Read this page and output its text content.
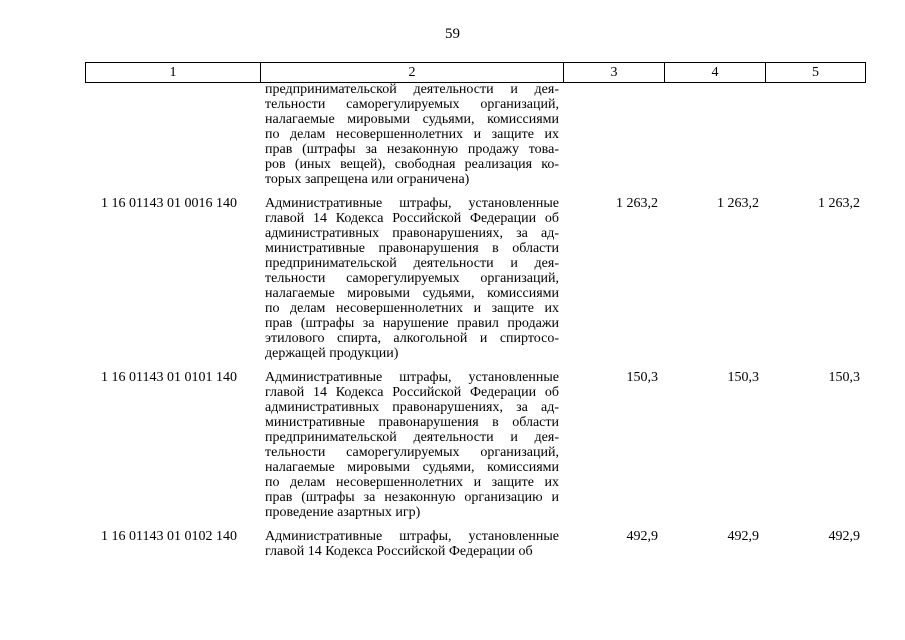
59
1	2	3	4	5
предпринимательской деятельности и дея-
тельности саморегулируемых организаций,
налагаемые мировыми судьями, комиссиями
по делам несовершеннолетних и защите их
прав (штрафы за незаконную продажу това-
ров (иных вещей), свободная реализация ко-
торых запрещена или ограничена)
1 16 01143 01 0016 140 Административные штрафы, установленные
главой 14 Кодекса Российской Федерации об
административных правонарушениях, за ад-
министративные правонарушения в области
предпринимательской деятельности и дея-
тельности саморегулируемых организаций,
налагаемые мировыми судьями, комиссиями
по делам несовершеннолетних и защите их
прав (штрафы за нарушение правил продажи
этилового спирта, алкогольной и спиртосо-
держащей продукции)
1 263,2	1 263,2	1 263,2
1 16 01143 01 0101 140 Административные штрафы, установленные
главой 14 Кодекса Российской Федерации об
административных правонарушениях, за ад-
министративные правонарушения в области
предпринимательской деятельности и дея-
тельности саморегулируемых организаций,
налагаемые мировыми судьями, комиссиями
по делам несовершеннолетних и защите их
прав (штрафы за незаконную организацию и
проведение азартных игр)
150,3	150,3	150,3
1 16 01143 01 0102 140 Административные штрафы, установленные
главой 14 Кодекса Российской Федерации об
492,9	492,9	492,9
